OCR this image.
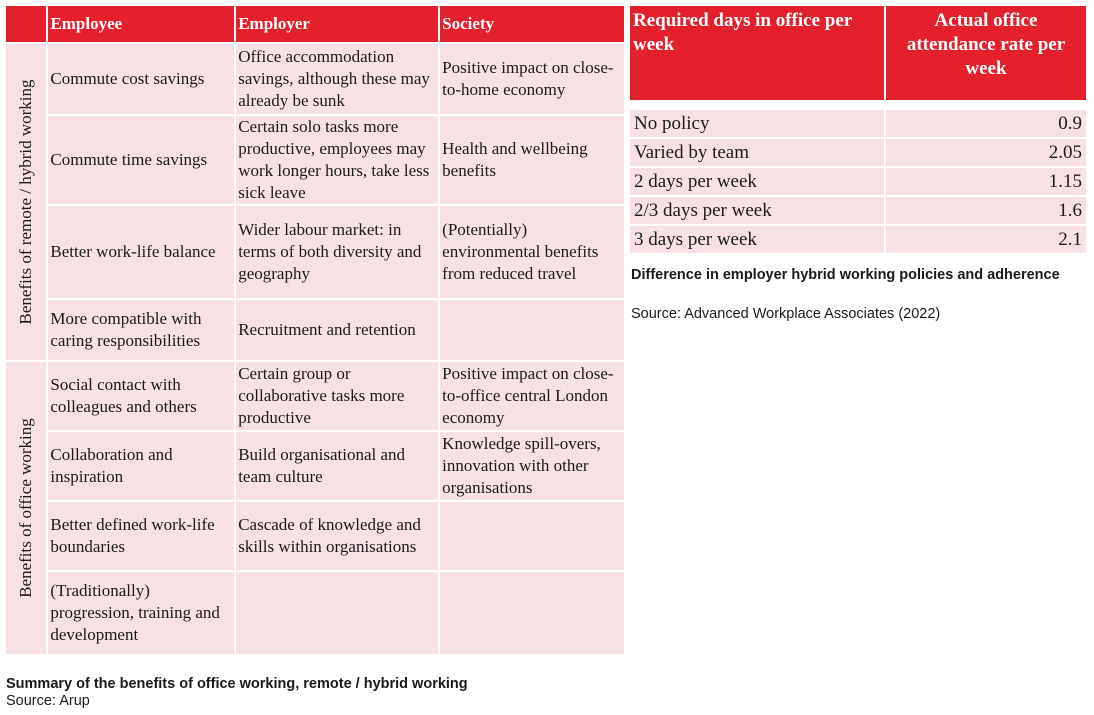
	Employee	Employer	Society

Benefits of remote / hybrid working	Commute cost savings	Office accommodation savings, although these may already be sunk	Positive impact on close-to-home economy
	Commute time savings	Certain solo tasks more productive, employees may work longer hours, take less sick leave	Health and wellbeing benefits
	Better work-life balance	Wider labour market: in terms of both diversity and geography	(Potentially) environmental benefits from reduced travel
	More compatible with caring responsibilities	Recruitment and retention	

Benefits of office working	Social contact with colleagues and others	Certain group or collaborative tasks more productive	Positive impact on close-to-office central London economy
	Collaboration and inspiration	Build organisational and team culture	Knowledge spill-overs, innovation with other organisations
	Better defined work-life boundaries	Cascade of knowledge and skills within organisations	
	(Traditionally) progression, training and development		
Summary of the benefits of office working, remote / hybrid working
Source: Arup
Required days in office per week	Actual office attendance rate per week

No policy	0.9
Varied by team	2.05
2 days per week	1.15
2/3 days per week	1.6
3 days per week	2.1
Difference in employer hybrid working policies and adherence
Source: Advanced Workplace Associates (2022)
